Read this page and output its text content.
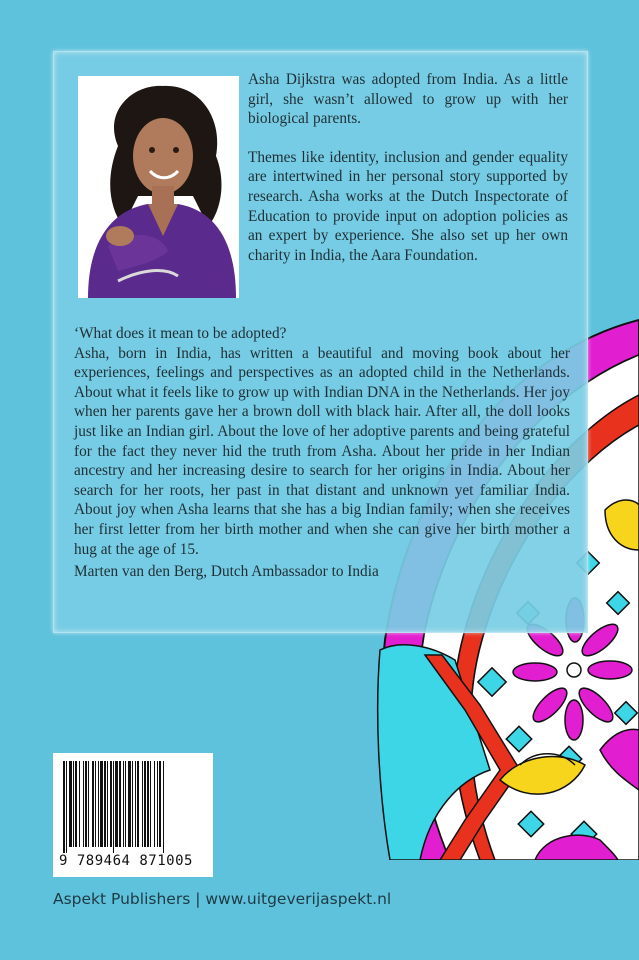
Asha Dijkstra was adopted from India. As a little girl, she wasn’t allowed to grow up with her biological parents.

Themes like identity, inclusion and gender equality are intertwined in her personal story supported by research. Asha works at the Dutch Inspectorate of Education to provide input on adoption policies as an expert by experience. She also set up her own charity in India, the Aara Foundation.

‘What does it mean to be adopted?

Asha, born in India, has written a beautiful and moving book about her experiences, feelings and perspectives as an adopted child in the Netherlands. About what it feels like to grow up with Indian DNA in the Netherlands. Her joy when her parents gave her a brown doll with black hair. After all, the doll looks just like an Indian girl. About the love of her adoptive parents and being grateful for the fact they never hid the truth from Asha. About her pride in her Indian ancestry and her increasing desire to search for her origins in India. About her search for her roots, her past in that distant and unknown yet familiar India. About joy when Asha learns that she has a big Indian family; when she receives her first letter from her birth mother and when she can give her birth mother a hug at the age of 15.

Marten van den Berg, Dutch Ambassador to India
9 789464 871005
Aspekt Publishers | www.uitgeverijaspekt.nl
